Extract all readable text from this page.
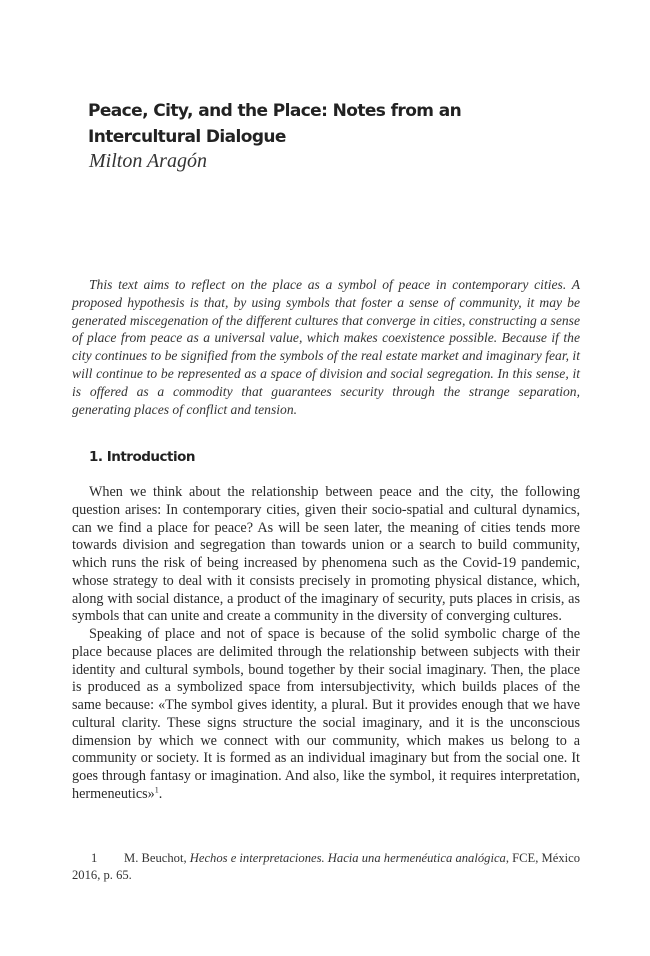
Peace, City, and the Place: Notes from an Intercultural Dialogue
Milton Aragón

This text aims to reflect on the place as a symbol of peace in contemporary cities. A proposed hypothesis is that, by using symbols that foster a sense of community, it may be generated miscegenation of the different cultures that converge in cities, constructing a sense of place from peace as a universal value, which makes coexistence possible. Because if the city continues to be signified from the symbols of the real estate market and imaginary fear, it will continue to be represented as a space of division and social segregation. In this sense, it is offered as a commodity that guarantees security through the strange separation, generating places of conflict and tension.

1. Introduction

When we think about the relationship between peace and the city, the following question arises: In contemporary cities, given their socio-spatial and cultural dynamics, can we find a place for peace? As will be seen later, the meaning of cities tends more towards division and segregation than towards union or a search to build community, which runs the risk of being increased by phenomena such as the Covid-19 pandemic, whose strategy to deal with it consists precisely in promoting physical distance, which, along with social distance, a product of the imaginary of security, puts places in crisis, as symbols that can unite and create a community in the diversity of converging cultures.

Speaking of place and not of space is because of the solid symbolic charge of the place because places are delimited through the relationship between subjects with their identity and cultural symbols, bound together by their social imaginary. Then, the place is produced as a symbolized space from intersubjectivity, which builds places of the same because: «The symbol gives identity, a plural. But it provides enough that we have cultural clarity. These signs structure the social imaginary, and it is the unconscious dimension by which we connect with our community, which makes us belong to a community or society. It is formed as an individual imaginary but from the social one. It goes through fantasy or imagination. And also, like the symbol, it requires interpretation, hermeneutics»$^1$.

1 M. Beuchot, Hechos e interpretaciones. Hacia una hermenéutica analógica, FCE, México 2016, p. 65.
